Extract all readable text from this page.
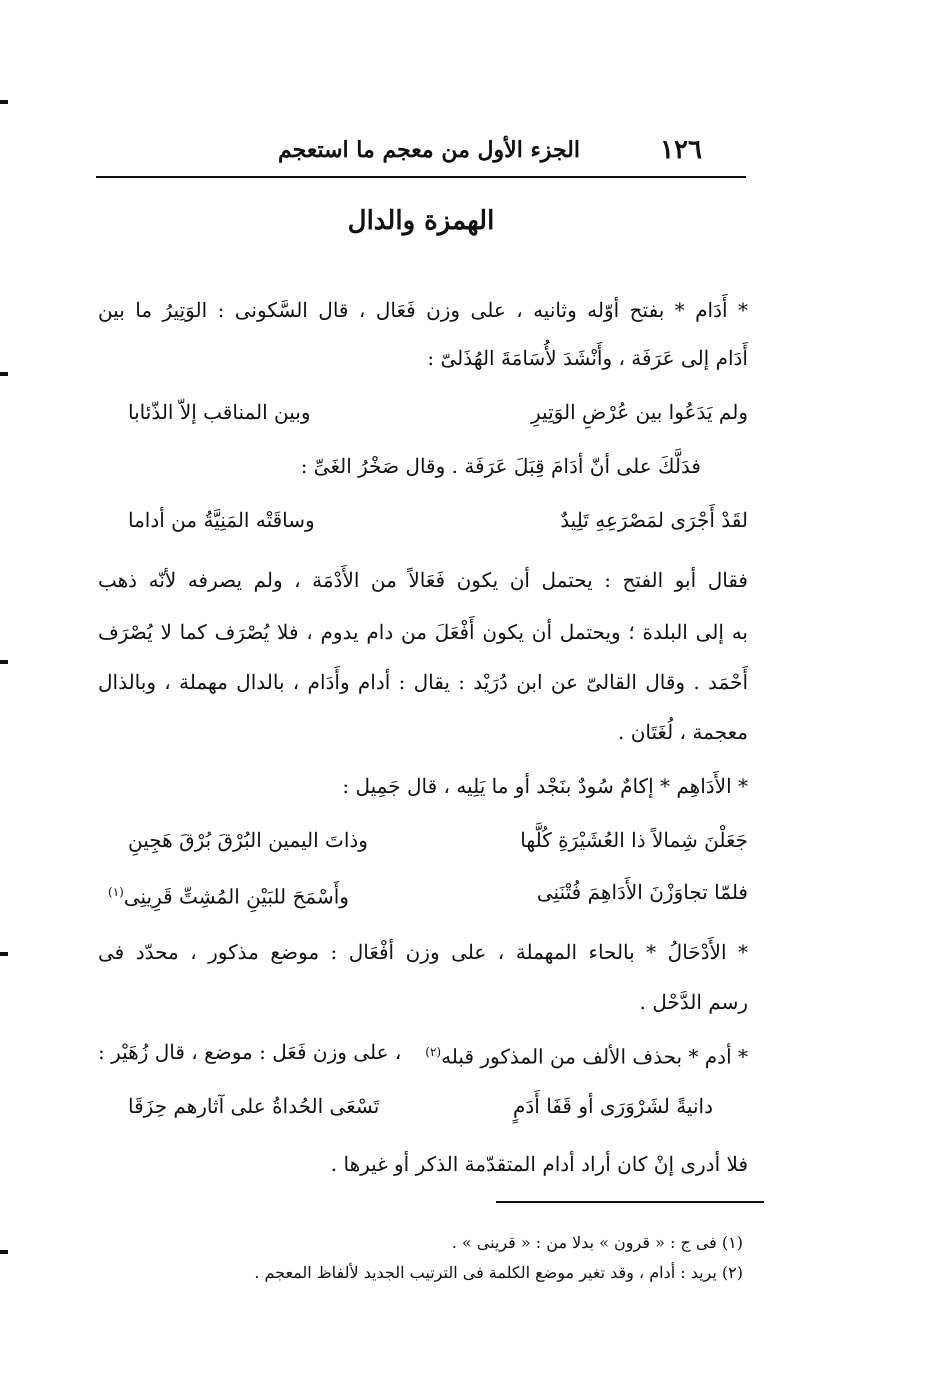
١٢٦
الجزء الأول من معجم ما استعجم
الهمزة والدال
* أَدَام * بفتح أوّله وثانيه ، على وزن فَعَال ، قال السَّكونى : الوَتِيرُ ما بين
أَدَام إلى عَرَفَة ، وأَنْشَدَ لأُسَامَةَ الهُذَلىّ :
ولم يَدَعُوا بين عُرْضِ الوَتِيرِ
وبين المناقب إلاّ الذّئابا
فدَلَّكَ على أنّ أدَامَ قِبَلَ عَرَفَة . وقال صَخْرُ الغَىِّ :
لقَدْ أَجْرَى لمَصْرَعِهِ تَلِيدٌ
وساقَتْه المَنِيَّةُ من أداما
فقال أبو الفتح : يحتمل أن يكون فَعَالاً من الأَدْمَة ، ولم يصرفه لأنّه ذهب
به إلى البلدة ؛ ويحتمل أن يكون أَفْعَلَ من دام يدوم ، فلا يُصْرَف كما لا يُصْرَف
أَحْمَد . وقال القالىّ عن ابن دُرَيْد : يقال : أدام وأَدَام ، بالدال مهملة ، وبالذال
معجمة ، لُغَتَان .
* الأَدَاهِم * إكامٌ سُودٌ بنَجْد أو ما يَلِيه ، قال جَمِيل :
جَعَلْنَ شِمالاً ذا العُشَيْرَةِ كُلَّها
وذاتَ اليمين البُرْقَ بُرْقَ هَجِينِ
فلمّا تجاوَزْنَ الأَدَاهِمَ فُتْنَنِى
وأَسْمَحَ للبَيْنِ المُشِتِّ قَرِينِى$^{(١)}$
* الأَدْحَالُ * بالحاء المهملة ، على وزن أفْعَال : موضع مذكور ، محدّد فى
رسم الدَّحْل .
* أدم * بحذف الألف من المذكور قبله$^{(٢)}$
، على وزن فَعَل : موضع ، قال زُهَيْر :
دانيةً لشَرْوَرَى أو قَفَا أَدَمٍ
تَسْعَى الحُداةُ على آثارهم حِزَقَا
فلا أدرى إنْ كان أراد أدام المتقدّمة الذكر أو غيرها .
(١) فى ج : « قرون » بدلا من : « قرينى » .
(٢) يريد : أدام ، وقد تغير موضع الكلمة فى الترتيب الجديد لألفاظ المعجم .
